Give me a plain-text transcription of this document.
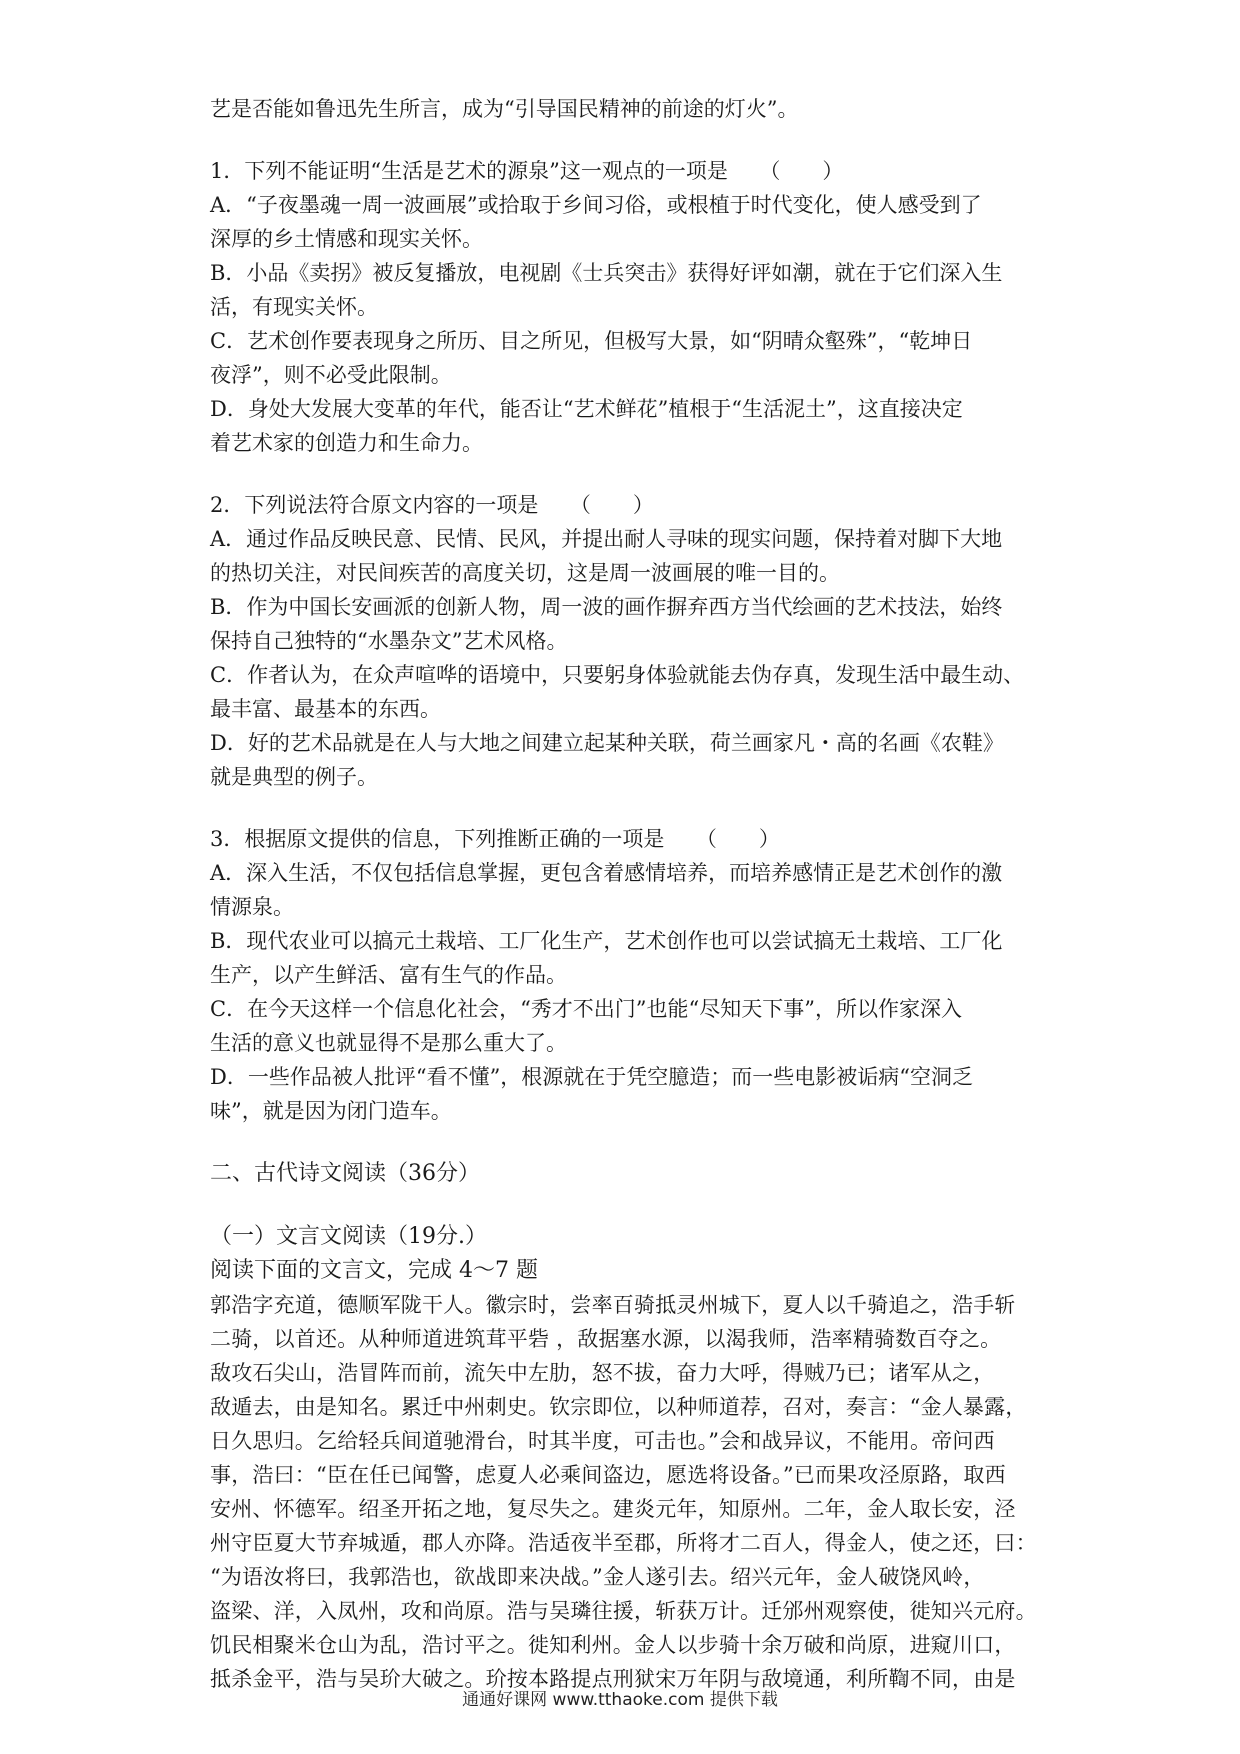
艺是否能如鲁迅先生所言，成为“引导国民精神的前途的灯火”。
1．下列不能证明“生活是艺术的源泉”这一观点的一项是　　（　　）
A．“子夜墨魂一周一波画展”或拾取于乡间习俗，或根植于时代变化，使人感受到了
深厚的乡土情感和现实关怀。
B．小品《卖拐》被反复播放，电视剧《士兵突击》获得好评如潮，就在于它们深入生
活，有现实关怀。
C．艺术创作要表现身之所历、目之所见，但极写大景，如“阴晴众壑殊”，“乾坤日
夜浮”，则不必受此限制。
D．身处大发展大变革的年代，能否让“艺术鲜花”植根于“生活泥土”，这直接决定
着艺术家的创造力和生命力。
2．下列说法符合原文内容的一项是　　（　　）
A．通过作品反映民意、民情、民风，并提出耐人寻味的现实问题，保持着对脚下大地
的热切关注，对民间疾苦的高度关切，这是周一波画展的唯一目的。
B．作为中国长安画派的创新人物，周一波的画作摒弃西方当代绘画的艺术技法，始终
保持自己独特的“水墨杂文”艺术风格。
C．作者认为，在众声喧哗的语境中，只要躬身体验就能去伪存真，发现生活中最生动、
最丰富、最基本的东西。
D．好的艺术品就是在人与大地之间建立起某种关联，荷兰画家凡・高的名画《农鞋》
就是典型的例子。
3．根据原文提供的信息，下列推断正确的一项是　　（　　）
A．深入生活，不仅包括信息掌握，更包含着感情培养，而培养感情正是艺术创作的激
情源泉。
B．现代农业可以搞元土栽培、工厂化生产，艺术创作也可以尝试搞无土栽培、工厂化
生产，以产生鲜活、富有生气的作品。
C．在今天这样一个信息化社会，“秀才不出门”也能“尽知天下事”，所以作家深入
生活的意义也就显得不是那么重大了。
D．一些作品被人批评“看不懂”，根源就在于凭空臆造；而一些电影被诟病“空洞乏
味”，就是因为闭门造车。
二、古代诗文阅读（36分）
（一）文言文阅读（19分.）
阅读下面的文言文，完成 4～7 题
郭浩字充道，德顺军陇干人。徽宗时，尝率百骑抵灵州城下，夏人以千骑追之，浩手斩
二骑，以首还。从种师道进筑茸平砦 ，敌据塞水源，以渴我师，浩率精骑数百夺之。
敌攻石尖山，浩冒阵而前，流矢中左肋，怒不拔，奋力大呼，得贼乃已；诸军从之，
敌遁去，由是知名。累迁中州刺史。钦宗即位，以种师道荐，召对，奏言：“金人暴露，
日久思归。乞给轻兵间道驰滑台，时其半度，可击也。”会和战异议，不能用。帝问西
事，浩曰：“臣在任已闻警，虑夏人必乘间盗边，愿选将设备。”已而果攻泾原路，取西
安州、怀德军。绍圣开拓之地，复尽失之。建炎元年，知原州。二年，金人取长安，泾
州守臣夏大节弃城遁，郡人亦降。浩适夜半至郡，所将才二百人，得金人，使之还，曰：
“为语汝将曰，我郭浩也，欲战即来决战。”金人遂引去。绍兴元年，金人破饶风岭，
盗梁、洋，入凤州，攻和尚原。浩与吴璘往援，斩获万计。迁邠州观察使，徙知兴元府。
饥民相聚米仓山为乱，浩讨平之。徙知利州。金人以步骑十余万破和尚原，进窥川口，
抵杀金平，浩与吴玠大破之。玠按本路提点刑狱宋万年阴与敌境通，利所鞫不同，由是
通通好课网 www.tthaoke.com 提供下载
